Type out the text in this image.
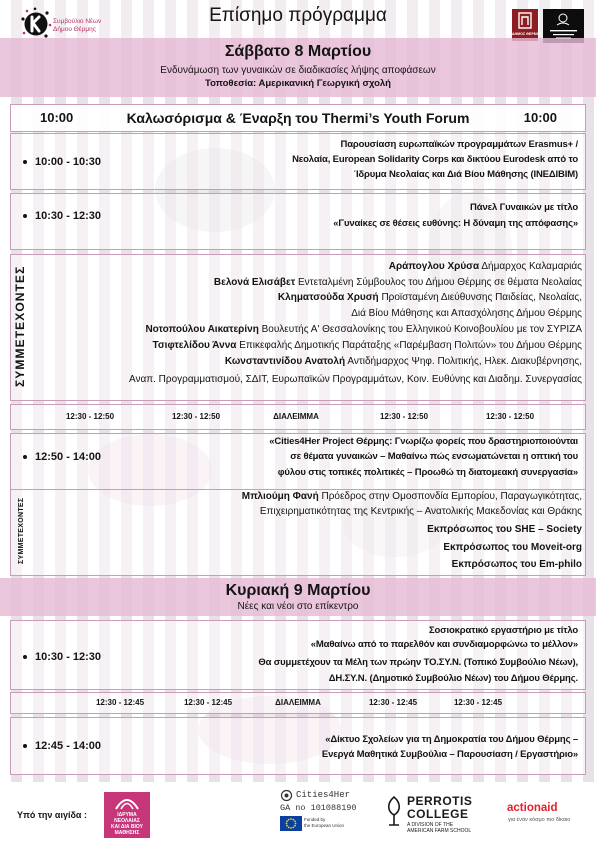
Συμβούλιο Νέων
Δήμου Θέρμης
Επίσημο πρόγραμμα
ΔΗΜΟΣ ΘΕΡΜΗΣ
Σάββατο 8 Μαρτίου
Ενδυνάμωση των γυναικών σε διαδικασίες λήψης αποφάσεων
Τοποθεσία: Αμερικανική Γεωργική σχολή
10:00	Καλωσόρισμα & Έναρξη του Thermi’s Youth Forum	10:00
10:00 - 10:30
Παρουσίαση ευρωπαϊκών προγραμμάτων Erasmus+ /
Νεολαία, European Solidarity Corps και δικτύου Eurodesk από το
Ίδρυμα Νεολαίας και Διά Βίου Μάθησης (ΙΝΕΔΙΒΙΜ)
10:30 - 12:30
Πάνελ Γυναικών με τίτλο
«Γυναίκες σε θέσεις ευθύνης: Η δύναμη της απόφασης»
ΣΥΜΜΕΤΕΧΟΝΤΕΣ	Αράπογλου Χρύσα Δήμαρχος Καλαμαριάς
Βελονά Ελισάβετ Εντεταλμένη Σύμβουλος του Δήμου Θέρμης σε θέματα Νεολαίας
Κληματσούδα Χρυσή Προϊσταμένη Διεύθυνσης Παιδείας, Νεολαίας,
Διά Βίου Μάθησης και Απασχόλησης Δήμου Θέρμης
Νοτοπούλου Αικατερίνη Βουλευτής Α' Θεσσαλονίκης του Ελληνικού Κοινοβουλίου με τον ΣΥΡΙΖΑ
Τσιφτελίδου Άννα Επικεφαλής Δημοτικής Παράταξης «Παρέμβαση Πολιτών» του Δήμου Θέρμης
Κωνσταντινίδου Ανατολή Αντιδήμαρχος Ψηφ. Πολιτικής, Ηλεκ. Διακυβέρνησης,
Αναπ. Προγραμματισμού, ΣΔΙΤ, Ευρωπαϊκών Προγραμμάτων, Κοιν. Ευθύνης και Διαδημ. Συνεργασίας
12:30 - 12:50	12:30 - 12:50	ΔΙΑΛΕΙΜΜΑ	12:30 - 12:50	12:30 - 12:50
12:50 - 14:00
«Cities4Her Project Θέρμης: Γνωρίζω φορείς που δραστηριοποιούνται
σε θέματα γυναικών – Μαθαίνω πώς ενσωματώνεται η οπτική του
φύλου στις τοπικές πολιτικές – Προωθώ τη διατομεακή συνεργασία»
ΣΥΜΜΕΤΕΧΟΝΤΕΣ
Μπλιούμη Φανή Πρόεδρος στην Ομοσπονδία Εμπορίου, Παραγωγικότητας,
Επιχειρηματικότητας της Κεντρικής – Ανατολικής Μακεδονίας και Θράκης
Εκπρόσωπος του SHE – Society
Εκπρόσωπος του Moveit-org
Εκπρόσωπος του Em-philo
Κυριακή 9 Μαρτίου
Νέες και νέοι στο επίκεντρο
10:30 - 12:30
Σοσιοκρατικό εργαστήριο με τίτλο
«Μαθαίνω από το παρελθόν και συνδιαμορφώνω το μέλλον»
Θα συμμετέχουν τα Μέλη των πρώην ΤΟ.ΣΥ.Ν. (Τοπικό Συμβούλιο Νέων),
ΔΗ.ΣΥ.Ν. (Δημοτικό Συμβούλιο Νέων) του Δήμου Θέρμης.
12:30 - 12:45	12:30 - 12:45	ΔΙΑΛΕΙΜΜΑ	12:30 - 12:45	12:30 - 12:45
12:45 - 14:00
«Δίκτυο Σχολείων για τη Δημοκρατία του Δήμου Θέρμης –
Ενεργά Μαθητικά Συμβούλια – Παρουσίαση / Εργαστήριο»
Υπό την αιγίδα :	ΙΔΡΥΜΑ
ΝΕΟΛΑΙΑΣ
ΚΑΙ ΔΙΑ ΒΙΟΥ
ΜΑΘΗΣΗΣ
Cities4Her
GA no 101088190
Funded by
the European Union
PERROTIS
COLLEGE
A DIVISION OF THE
AMERICAN FARM SCHOOL
actionaid
για έναν κόσμο πιο δίκαιο
